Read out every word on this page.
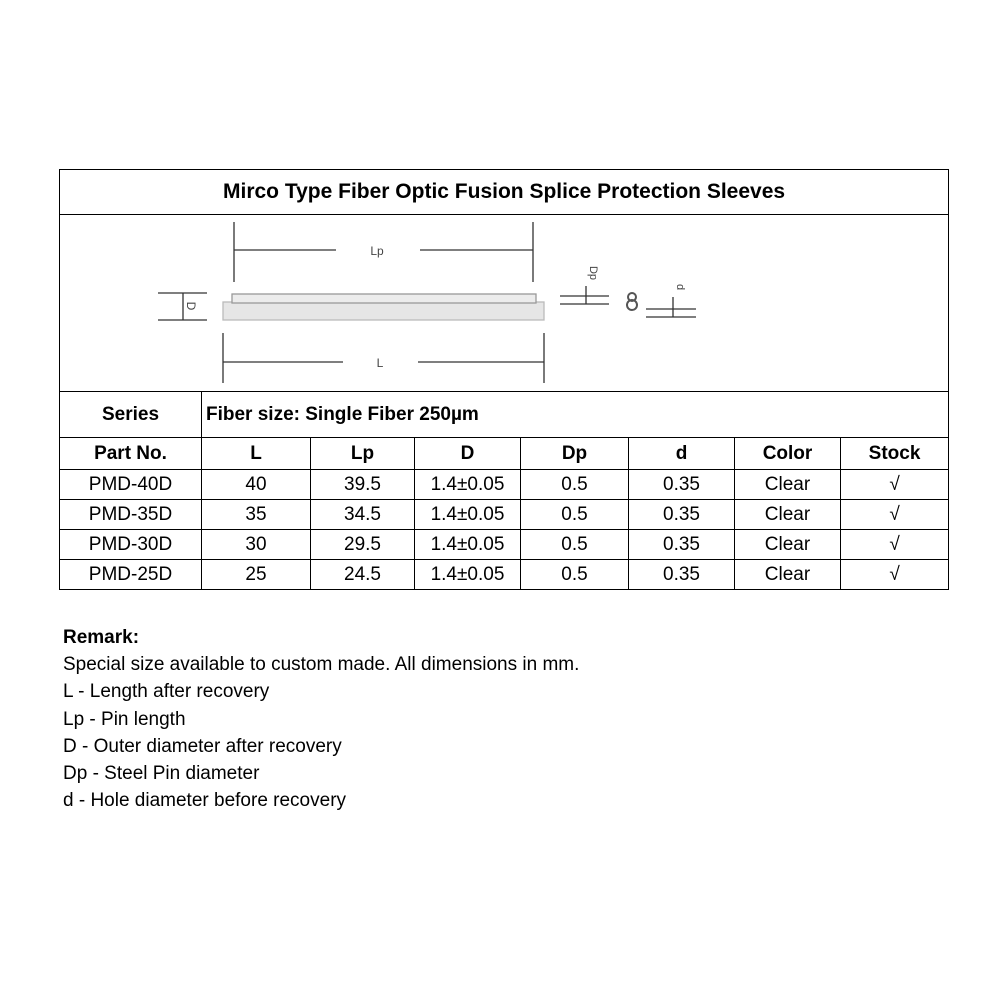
Mirco Type Fiber Optic Fusion Splice Protection Sleeves							

Series	Fiber size: Single Fiber 250µm						
Part No.	L	Lp	D	Dp	d	Color	Stock
PMD-40D	40	39.5	1.4±0.05	0.5	0.35	Clear	√
PMD-35D	35	34.5	1.4±0.05	0.5	0.35	Clear	√
PMD-30D	30	29.5	1.4±0.05	0.5	0.35	Clear	√
PMD-25D	25	24.5	1.4±0.05	0.5	0.35	Clear	√
Lp
D
L
Dp
d
Remark:
Special size available to custom made. All dimensions in mm.
L - Length after recovery
Lp - Pin length
D - Outer diameter after recovery
Dp - Steel Pin diameter
d - Hole diameter before recovery
